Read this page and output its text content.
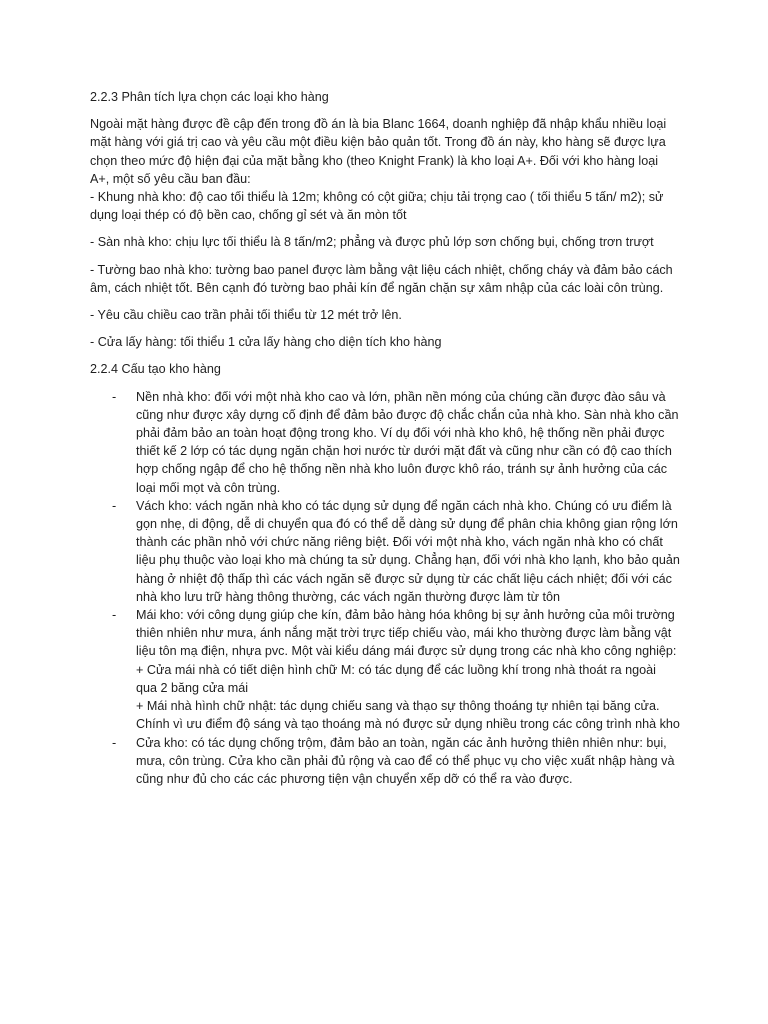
2.2.3 Phân tích lựa chọn các loại kho hàng
Ngoài mặt hàng được đề cập đến trong đồ án là bia Blanc 1664, doanh nghiệp đã nhập khẩu nhiều loại
mặt hàng với giá trị cao và yêu cầu một điều kiện bảo quản tốt. Trong đồ án này, kho hàng sẽ được lựa
chọn theo mức độ hiện đại của mặt bằng kho (theo Knight Frank) là kho loại A+. Đối với kho hàng loại
A+, một số yêu cầu ban đầu:
- Khung nhà kho: độ cao tối thiểu là 12m; không có cột giữa; chịu tải trọng cao ( tối thiểu 5 tấn/ m2); sử
dụng loại thép có độ bền cao, chống gỉ sét và ăn mòn tốt
- Sàn nhà kho: chịu lực tối thiểu là 8 tấn/m2; phẳng và được phủ lớp sơn chống bụi, chống trơn trượt
- Tường bao nhà kho: tường bao panel được làm bằng vật liệu cách nhiệt, chống cháy và đảm bảo cách
âm, cách nhiệt tốt. Bên cạnh đó tường bao phải kín để ngăn chặn sự xâm nhập của các loài côn trùng.
- Yêu cầu chiều cao trần phải tối thiểu từ 12 mét trở lên.
- Cửa lấy hàng: tối thiểu 1 cửa lấy hàng cho diện tích kho hàng
2.2.4 Cấu tạo kho hàng
- Nền nhà kho: đối với một nhà kho cao và lớn, phần nền móng của chúng cần được đào sâu và
cũng như được xây dựng cố định để đảm bảo được độ chắc chắn của nhà kho. Sàn nhà kho cần
phải đảm bảo an toàn hoạt động trong kho. Ví dụ đối với nhà kho khô, hệ thống nền phải được
thiết kế 2 lớp có tác dụng ngăn chặn hơi nước từ dưới mặt đất và cũng như cần có độ cao thích
hợp chống ngập để cho hệ thống nền nhà kho luôn được khô ráo, tránh sự ảnh hưởng của các
loại mối mọt và côn trùng.
- Vách kho: vách ngăn nhà kho có tác dụng sử dụng để ngăn cách nhà kho. Chúng có ưu điểm là
gọn nhẹ, di động, dễ di chuyển qua đó có thể dễ dàng sử dụng để phân chia không gian rộng lớn
thành các phần nhỏ với chức năng riêng biệt. Đối với một nhà kho, vách ngăn nhà kho có chất
liệu phụ thuộc vào loại kho mà chúng ta sử dụng. Chẳng hạn, đối với nhà kho lạnh, kho bảo quản
hàng ở nhiệt độ thấp thì các vách ngăn sẽ được sử dụng từ các chất liệu cách nhiệt; đối với các
nhà kho lưu trữ hàng thông thường, các vách ngăn thường được làm từ tôn
- Mái kho: với công dụng giúp che kín, đảm bảo hàng hóa không bị sự ảnh hưởng của môi trường
thiên nhiên như mưa, ánh nắng mặt trời trực tiếp chiếu vào, mái kho thường được làm bằng vật
liệu tôn mạ điện, nhựa pvc. Một vài kiểu dáng mái được sử dụng trong các nhà kho công nghiệp:
+ Cửa mái nhà có tiết diện hình chữ M: có tác dụng để các luồng khí trong nhà thoát ra ngoài
qua 2 băng cửa mái
+ Mái nhà hình chữ nhật: tác dụng chiếu sang và thạo sự thông thoáng tự nhiên tại băng cửa.
Chính vì ưu điểm độ sáng và tạo thoáng mà nó được sử dụng nhiều trong các công trình nhà kho
- Cửa kho: có tác dụng chống trộm, đảm bảo an toàn, ngăn các ảnh hưởng thiên nhiên như: bụi,
mưa, côn trùng. Cửa kho cần phải đủ rộng và cao để có thể phục vụ cho việc xuất nhập hàng và
cũng như đủ cho các các phương tiện vận chuyển xếp dỡ có thể ra vào được.
